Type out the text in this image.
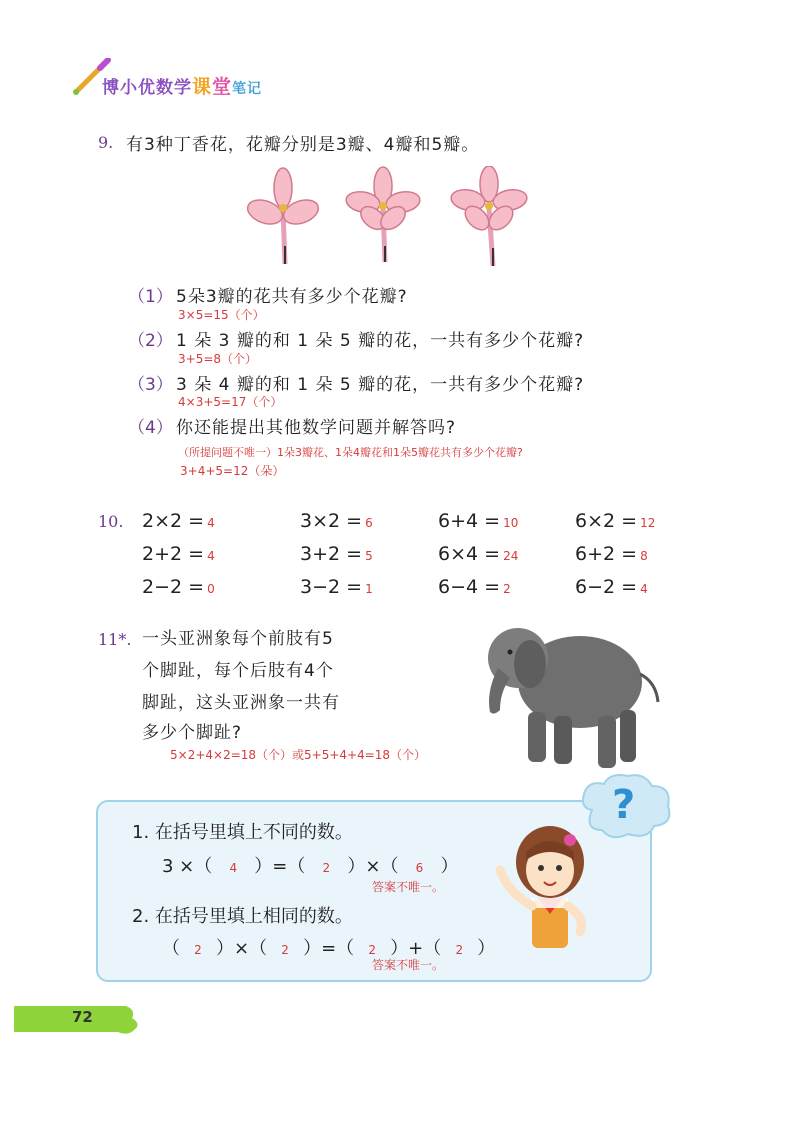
博小优数学课堂笔记
9. 有3种丁香花，花瓣分别是3瓣、4瓣和5瓣。
（1） 5朵3瓣的花共有多少个花瓣?
3×5=15（个）
（2） 1 朵 3 瓣的和 1 朵 5 瓣的花，一共有多少个花瓣?
3+5=8（个）
（3） 3 朵 4 瓣的和 1 朵 5 瓣的花，一共有多少个花瓣?
4×3+5=17（个）
（4） 你还能提出其他数学问题并解答吗?
（所提问题不唯一）1朵3瓣花、1朵4瓣花和1朵5瓣花共有多少个花瓣?
3+4+5=12（朵）
10. 2×2 = 4
2+2 = 4
2−2 = 0
3×2 = 6
3+2 = 5
3−2 = 1
6+4 = 10
6×4 = 24
6−4 = 2
6×2 = 12
6+2 = 8
6−2 = 4
11*. 一头亚洲象每个前肢有5
个脚趾，每个后肢有4个
脚趾，这头亚洲象一共有
多少个脚趾?
5×2+4×2=18（个）或5+5+4+4=18（个）
1. 在括号里填上不同的数。
3 ×（ 4 ）=（ 2 ）×（ 6 ）
答案不唯一。
2. 在括号里填上相同的数。
（ 2 ）×（ 2 ）=（ 2 ）+（ 2 ）
答案不唯一。
?
72
